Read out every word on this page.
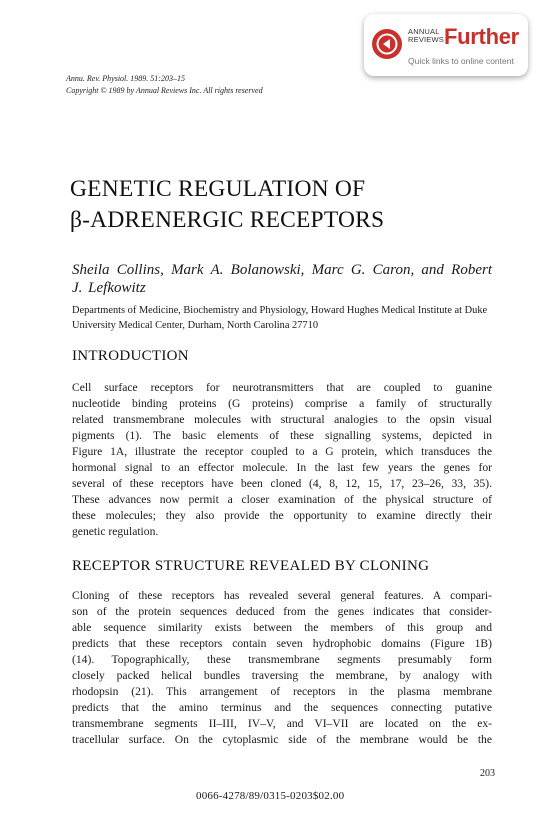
ANNUAL
REVIEWS Further
Quick links to online content
Annu. Rev. Physiol. 1989. 51:203–15
Copyright © 1989 by Annual Reviews Inc. All rights reserved
GENETIC REGULATION OF
β-ADRENERGIC RECEPTORS
Sheila Collins, Mark A. Bolanowski, Marc G. Caron, and Robert J. Lefkowitz
Departments of Medicine, Biochemistry and Physiology, Howard Hughes Medical Institute at Duke University Medical Center, Durham, North Carolina 27710
INTRODUCTION
Cell surface receptors for neurotransmitters that are coupled to guanine
nucleotide binding proteins (G proteins) comprise a family of structurally
related transmembrane molecules with structural analogies to the opsin visual
pigments (1). The basic elements of these signalling systems, depicted in
Figure 1A, illustrate the receptor coupled to a G protein, which transduces the
hormonal signal to an effector molecule. In the last few years the genes for
several of these receptors have been cloned (4, 8, 12, 15, 17, 23–26, 33, 35).
These advances now permit a closer examination of the physical structure of
these molecules; they also provide the opportunity to examine directly their
genetic regulation.
RECEPTOR STRUCTURE REVEALED BY CLONING
Cloning of these receptors has revealed several general features. A compari-
son of the protein sequences deduced from the genes indicates that consider-
able sequence similarity exists between the members of this group and
predicts that these receptors contain seven hydrophobic domains (Figure 1B)
(14). Topographically, these transmembrane segments presumably form
closely packed helical bundles traversing the membrane, by analogy with
rhodopsin (21). This arrangement of receptors in the plasma membrane
predicts that the amino terminus and the sequences connecting putative
transmembrane segments II–III, IV–V, and VI–VII are located on the ex-
tracellular surface. On the cytoplasmic side of the membrane would be the
203
0066-4278/89/0315-0203$02.00
